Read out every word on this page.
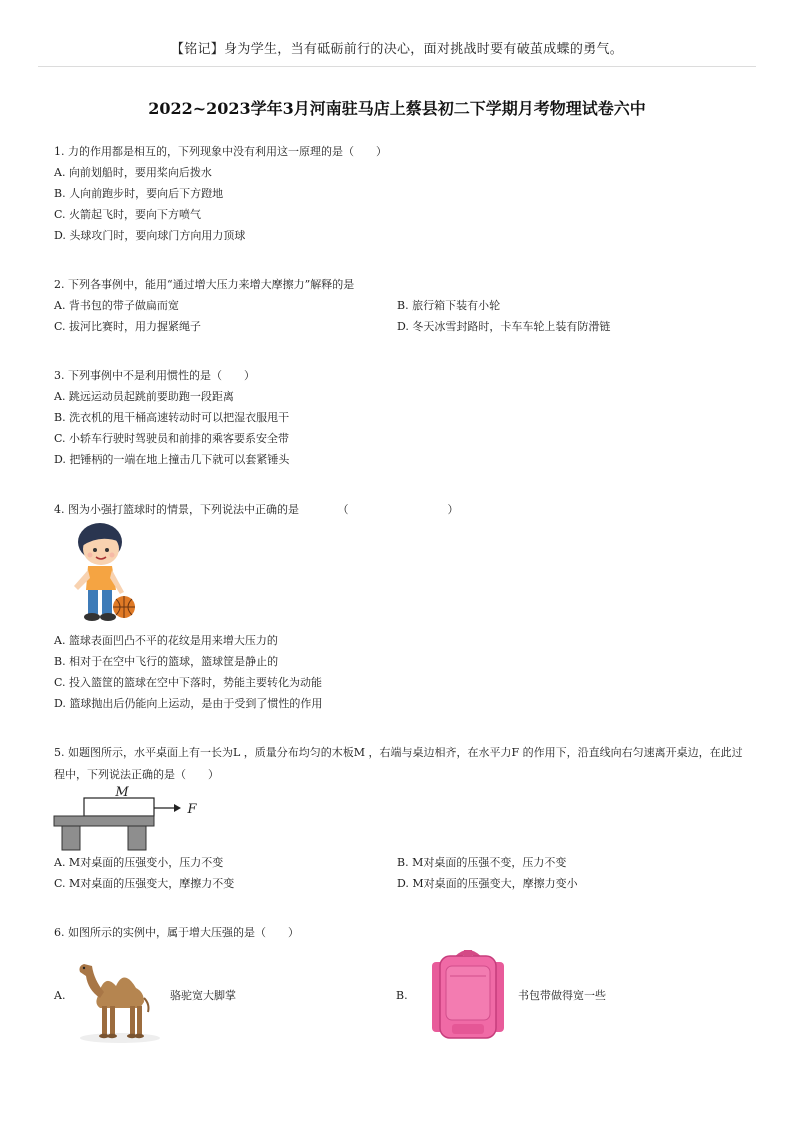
【铭记】身为学生，当有砥砺前行的决心，面对挑战时要有破茧成蝶的勇气。
2022~2023学年3月河南驻马店上蔡县初二下学期月考物理试卷六中
1. 力的作用都是相互的，下列现象中没有利用这一原理的是（　　）
A. 向前划船时，要用桨向后拨水
B. 人向前跑步时，要向后下方蹬地
C. 火箭起飞时，要向下方喷气
D. 头球攻门时，要向球门方向用力顶球
2. 下列各事例中，能用“通过增大压力来增大摩擦力”解释的是
A. 背书包的带子做扁而宽	B. 旅行箱下装有小轮
C. 拔河比赛时，用力握紧绳子	D. 冬天冰雪封路时，卡车车轮上装有防滑链
3. 下列事例中不是利用惯性的是（　　）
A. 跳远运动员起跳前要助跑一段距离
B. 洗衣机的甩干桶高速转动时可以把湿衣服甩干
C. 小轿车行驶时驾驶员和前排的乘客要系安全带
D. 把锤柄的一端在地上撞击几下就可以套紧锤头
4. 图为小强打篮球时的情景，下列说法中正确的是　　　　（　　　　　　　　　）
A. 篮球表面凹凸不平的花纹是用来增大压力的
B. 相对于在空中飞行的篮球，篮球筐是静止的
C. 投入篮筐的篮球在空中下落时，势能主要转化为动能
D. 篮球抛出后仍能向上运动，是由于受到了惯性的作用
5. 如题图所示，水平桌面上有一长为L ，质量分布均匀的木板M ，右端与桌边相齐，在水平力F 的作用下，沿直线向右匀速离开桌边，在此过程中，下列说法正确的是（　　）
M
F
A. M对桌面的压强变小，压力不变	B. M对桌面的压强不变，压力不变
C. M对桌面的压强变大，摩擦力不变	D. M对桌面的压强变大，摩擦力变小
6. 如图所示的实例中，属于增大压强的是（　　）
A.	骆驼宽大脚掌	B.	书包带做得宽一些
